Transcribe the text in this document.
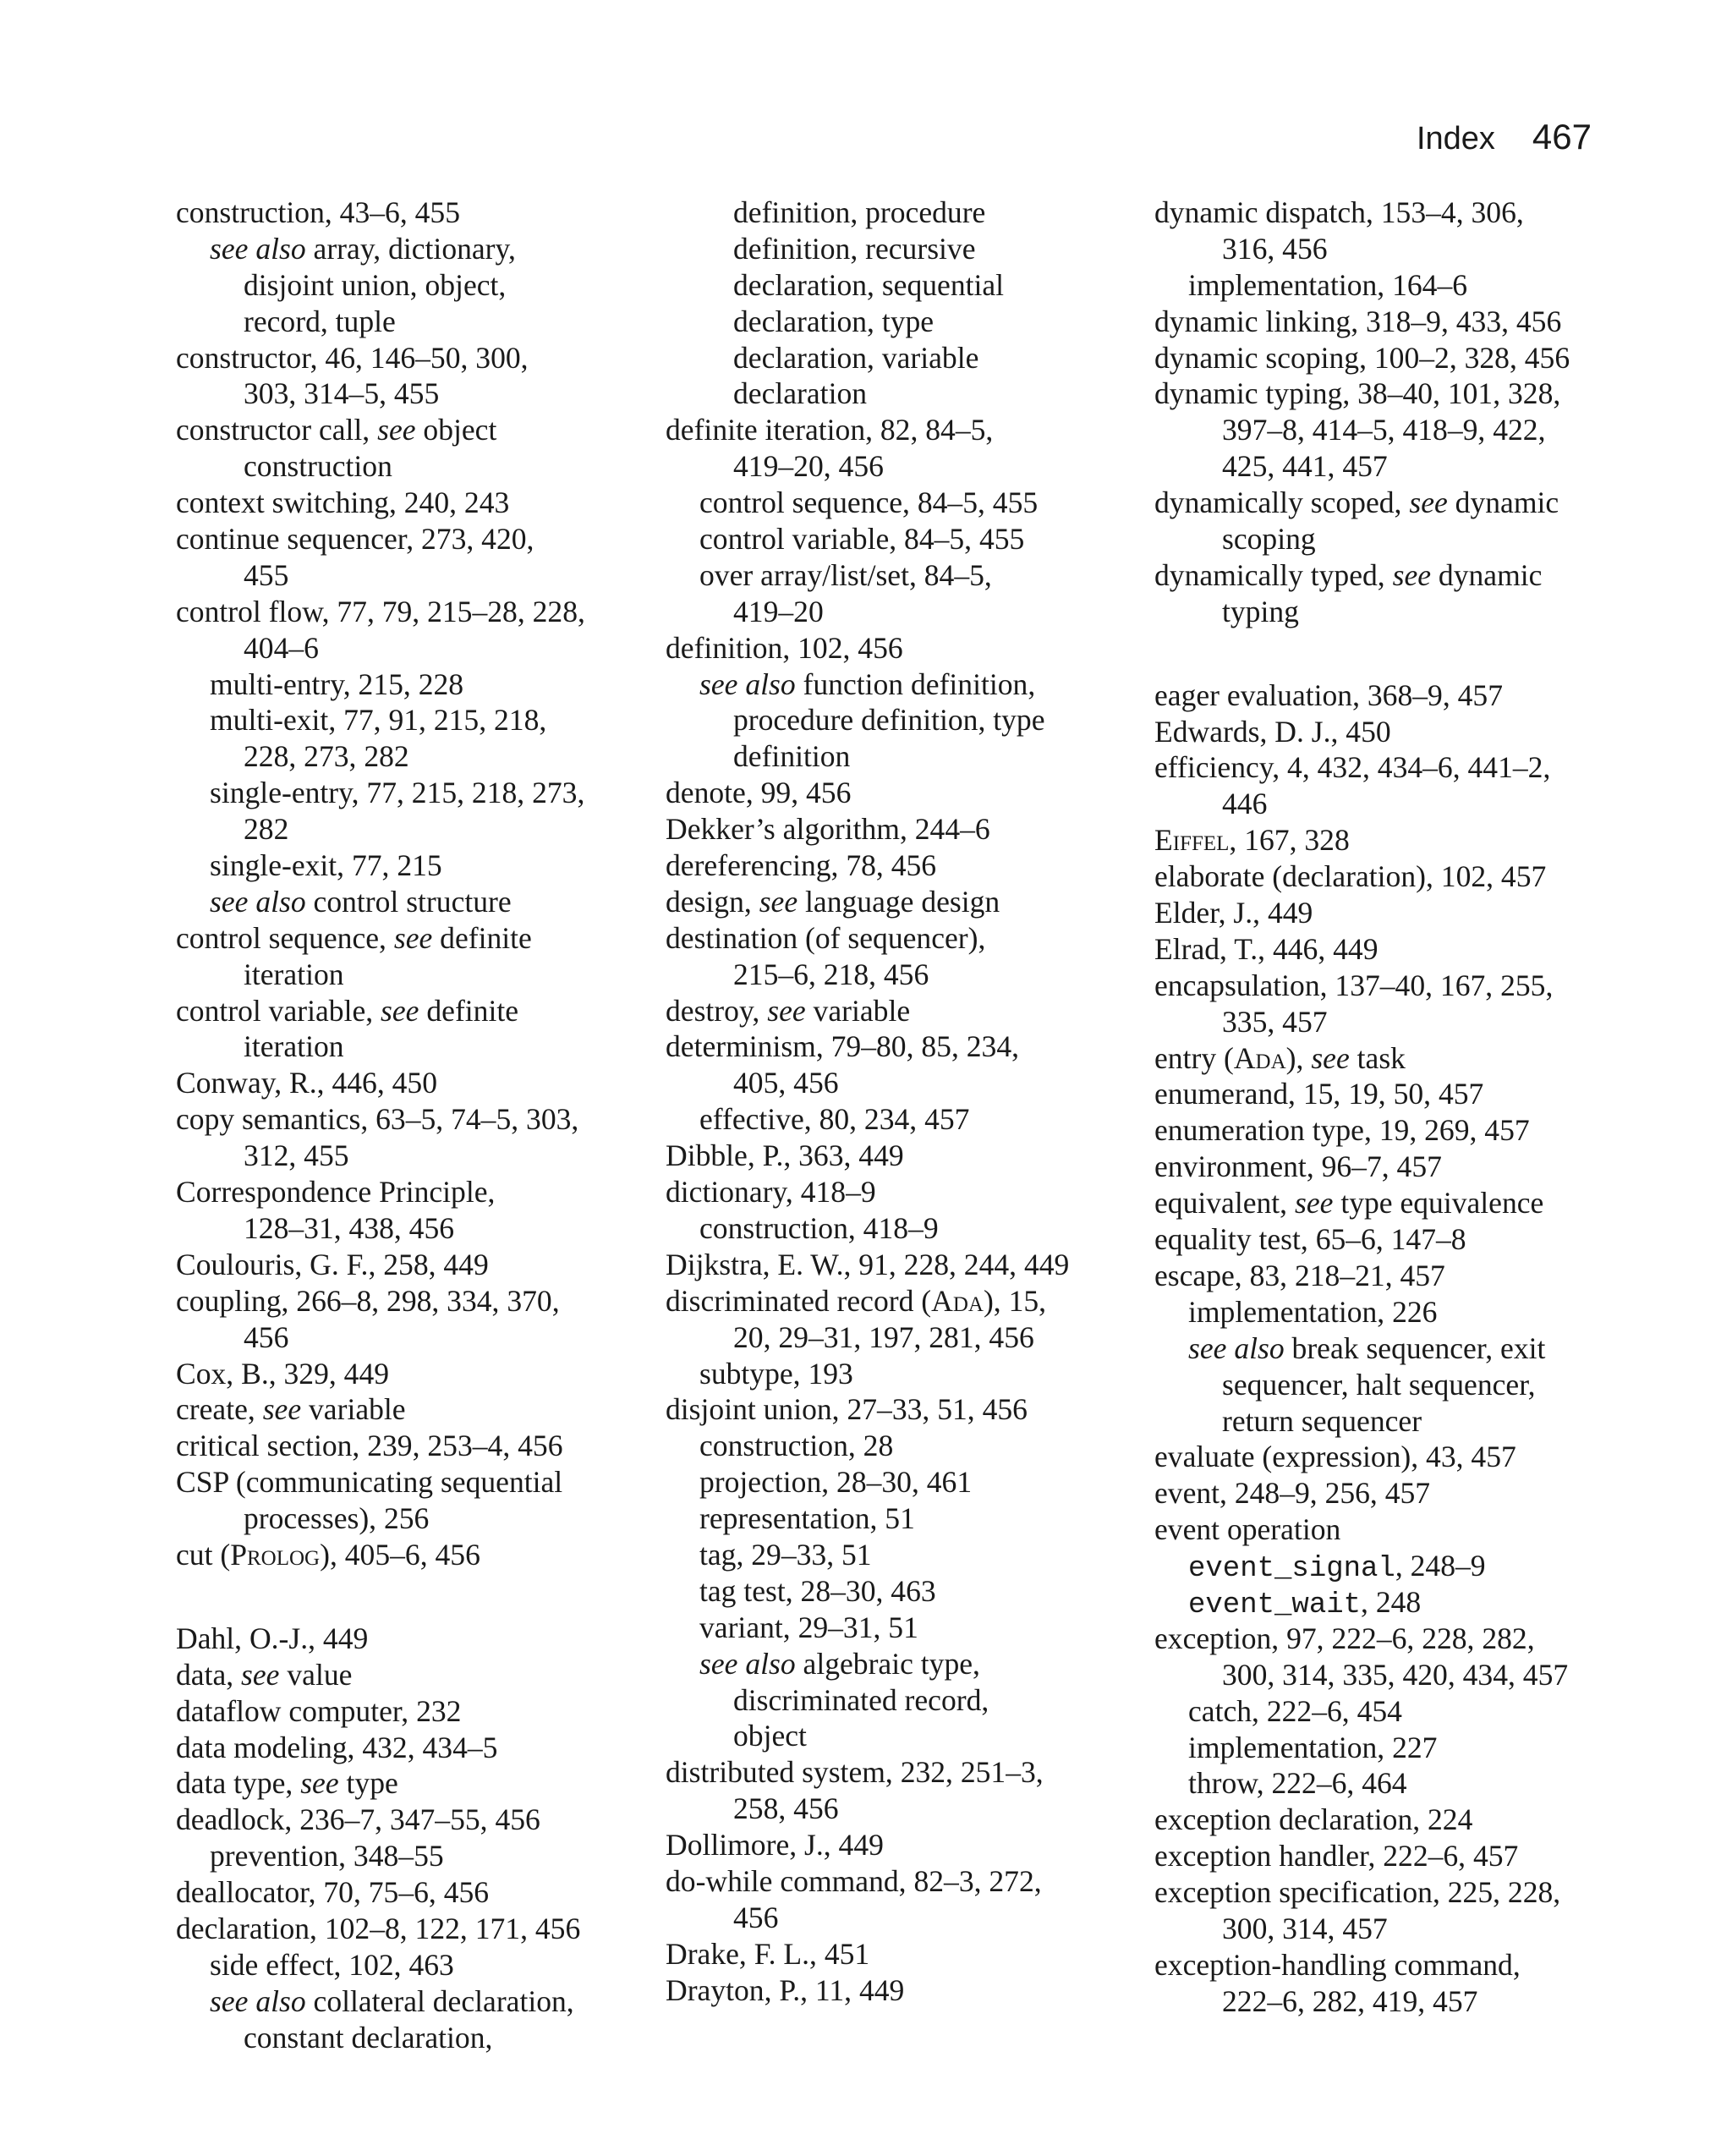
Index 467
construction, 43–6, 455
see also array, dictionary,
disjoint union, object,
record, tuple
constructor, 46, 146–50, 300,
303, 314–5, 455
constructor call, see object
construction
context switching, 240, 243
continue sequencer, 273, 420,
455
control flow, 77, 79, 215–28, 228,
404–6
multi-entry, 215, 228
multi-exit, 77, 91, 215, 218,
228, 273, 282
single-entry, 77, 215, 218, 273,
282
single-exit, 77, 215
see also control structure
control sequence, see definite
iteration
control variable, see definite
iteration
Conway, R., 446, 450
copy semantics, 63–5, 74–5, 303,
312, 455
Correspondence Principle,
128–31, 438, 456
Coulouris, G. F., 258, 449
coupling, 266–8, 298, 334, 370,
456
Cox, B., 329, 449
create, see variable
critical section, 239, 253–4, 456
CSP (communicating sequential
processes), 256
cut (Prolog), 405–6, 456
Dahl, O.-J., 449
data, see value
dataflow computer, 232
data modeling, 432, 434–5
data type, see type
deadlock, 236–7, 347–55, 456
prevention, 348–55
deallocator, 70, 75–6, 456
declaration, 102–8, 122, 171, 456
side effect, 102, 463
see also collateral declaration,
constant declaration,
definition, procedure
definition, recursive
declaration, sequential
declaration, type
declaration, variable
declaration
definite iteration, 82, 84–5,
419–20, 456
control sequence, 84–5, 455
control variable, 84–5, 455
over array/list/set, 84–5,
419–20
definition, 102, 456
see also function definition,
procedure definition, type
definition
denote, 99, 456
Dekker’s algorithm, 244–6
dereferencing, 78, 456
design, see language design
destination (of sequencer),
215–6, 218, 456
destroy, see variable
determinism, 79–80, 85, 234,
405, 456
effective, 80, 234, 457
Dibble, P., 363, 449
dictionary, 418–9
construction, 418–9
Dijkstra, E. W., 91, 228, 244, 449
discriminated record (Ada), 15,
20, 29–31, 197, 281, 456
subtype, 193
disjoint union, 27–33, 51, 456
construction, 28
projection, 28–30, 461
representation, 51
tag, 29–33, 51
tag test, 28–30, 463
variant, 29–31, 51
see also algebraic type,
discriminated record,
object
distributed system, 232, 251–3,
258, 456
Dollimore, J., 449
do-while command, 82–3, 272,
456
Drake, F. L., 451
Drayton, P., 11, 449
dynamic dispatch, 153–4, 306,
316, 456
implementation, 164–6
dynamic linking, 318–9, 433, 456
dynamic scoping, 100–2, 328, 456
dynamic typing, 38–40, 101, 328,
397–8, 414–5, 418–9, 422,
425, 441, 457
dynamically scoped, see dynamic
scoping
dynamically typed, see dynamic
typing
eager evaluation, 368–9, 457
Edwards, D. J., 450
efficiency, 4, 432, 434–6, 441–2,
446
Eiffel, 167, 328
elaborate (declaration), 102, 457
Elder, J., 449
Elrad, T., 446, 449
encapsulation, 137–40, 167, 255,
335, 457
entry (Ada), see task
enumerand, 15, 19, 50, 457
enumeration type, 19, 269, 457
environment, 96–7, 457
equivalent, see type equivalence
equality test, 65–6, 147–8
escape, 83, 218–21, 457
implementation, 226
see also break sequencer, exit
sequencer, halt sequencer,
return sequencer
evaluate (expression), 43, 457
event, 248–9, 256, 457
event operation
event_signal, 248–9
event_wait, 248
exception, 97, 222–6, 228, 282,
300, 314, 335, 420, 434, 457
catch, 222–6, 454
implementation, 227
throw, 222–6, 464
exception declaration, 224
exception handler, 222–6, 457
exception specification, 225, 228,
300, 314, 457
exception-handling command,
222–6, 282, 419, 457
